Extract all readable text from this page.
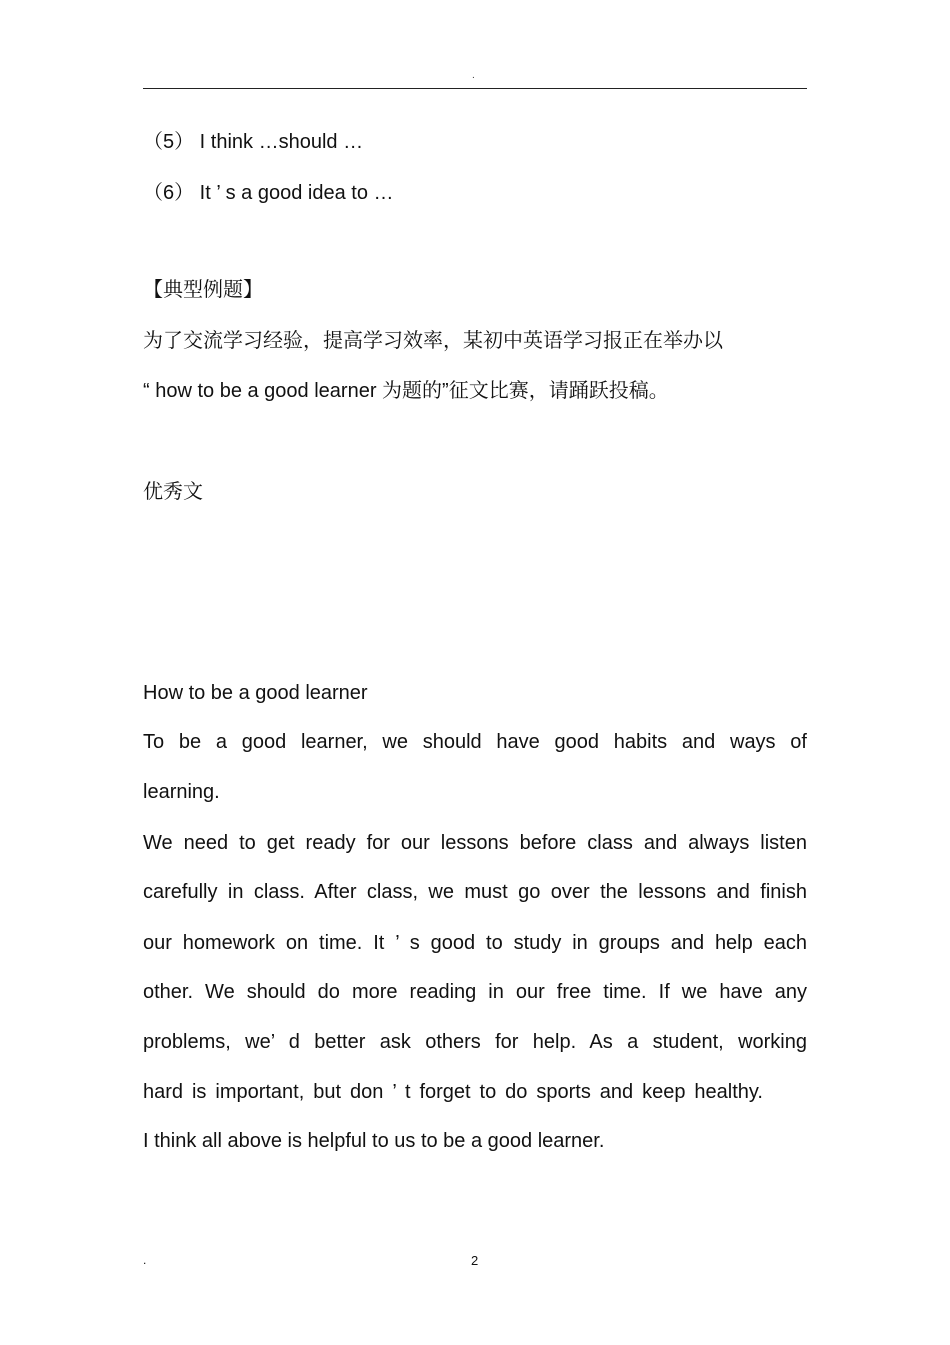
.
（5） I think …should …
（6） It ’ s a good idea to …
【典型例题】
为了交流学习经验，提高学习效率，某初中英语学习报正在举办以
“ how to be a good learner 为题的”征文比赛，请踊跃投稿。
优秀文
How to be a good learner
To be a good learner, we should have good habits and ways of
learning.
We need to get ready for our lessons before class and always listen
carefully in class. After class, we must go over the lessons and finish
our homework on time. It ’ s good to study in groups and help each
other. We should do more reading in our free time. If we have any
problems, we’ d better ask others for help. As a student, working
hard is important, but don ’ t forget to do sports and keep healthy.
I think all above is helpful to us to be a good learner.
.	2
